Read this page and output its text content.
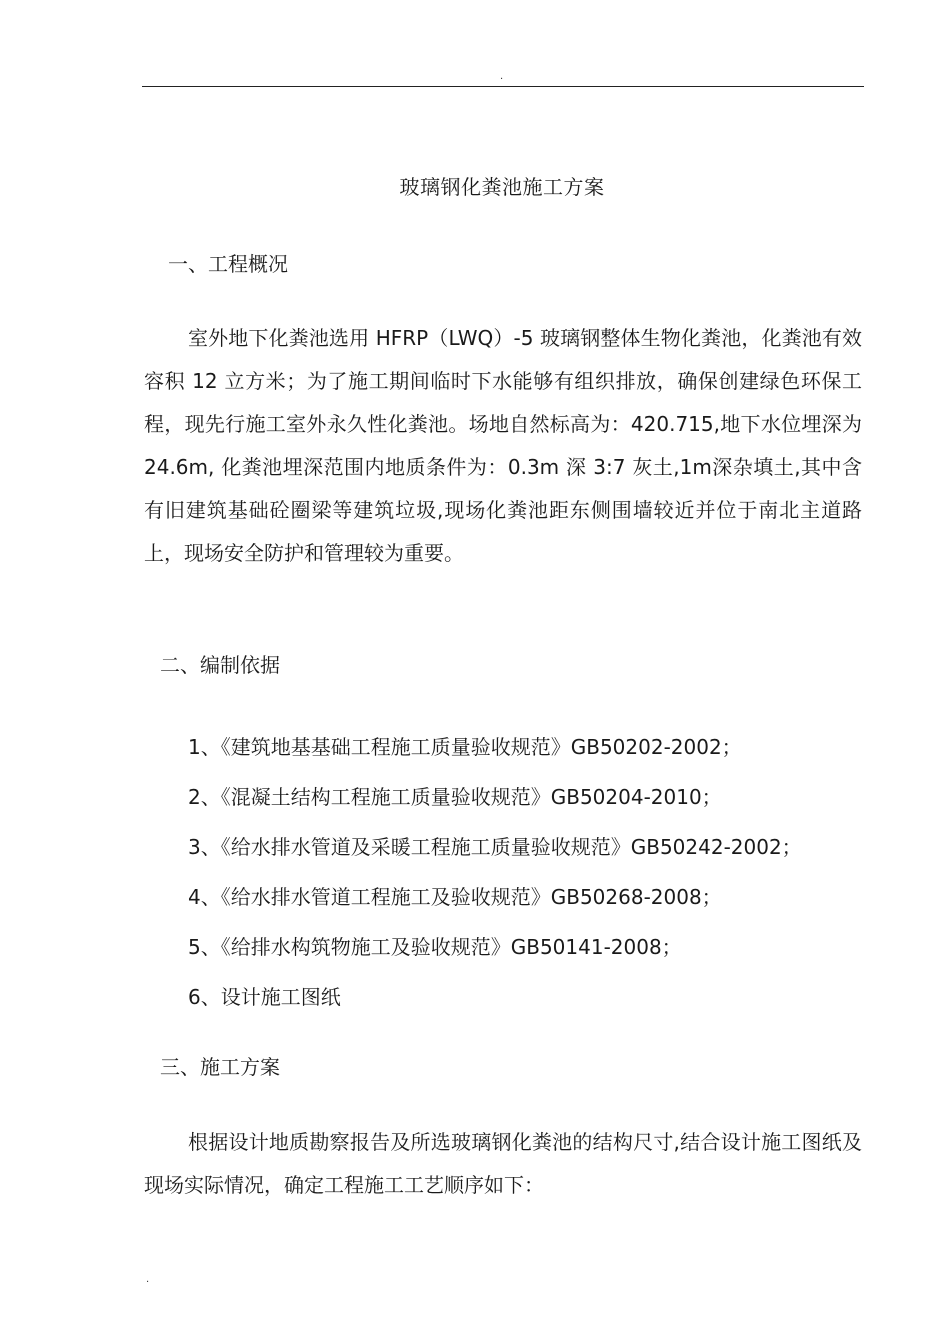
.
玻璃钢化粪池施工方案
一、工程概况

室外地下化粪池选用 HFRP（LWQ）-5 玻璃钢整体生物化粪池，化粪池有效容积 12 立方米；为了施工期间临时下水能够有组织排放，确保创建绿色环保工程，现先行施工室外永久性化粪池。场地自然标高为：420.715,地下水位埋深为 24.6m, 化粪池埋深范围内地质条件为：0.3m 深 3:7 灰土,1m深杂填土,其中含有旧建筑基础砼圈梁等建筑垃圾,现场化粪池距东侧围墙较近并位于南北主道路上，现场安全防护和管理较为重要。

二、编制依据
1、《建筑地基基础工程施工质量验收规范》GB50202-2002；
2、《混凝土结构工程施工质量验收规范》GB50204-2010；
3、《给水排水管道及采暖工程施工质量验收规范》GB50242-2002；
4、《给水排水管道工程施工及验收规范》GB50268-2008；
5、《给排水构筑物施工及验收规范》GB50141-2008；
6、设计施工图纸
三、施工方案

根据设计地质勘察报告及所选玻璃钢化粪池的结构尺寸,结合设计施工图纸及现场实际情况，确定工程施工工艺顺序如下：

.
